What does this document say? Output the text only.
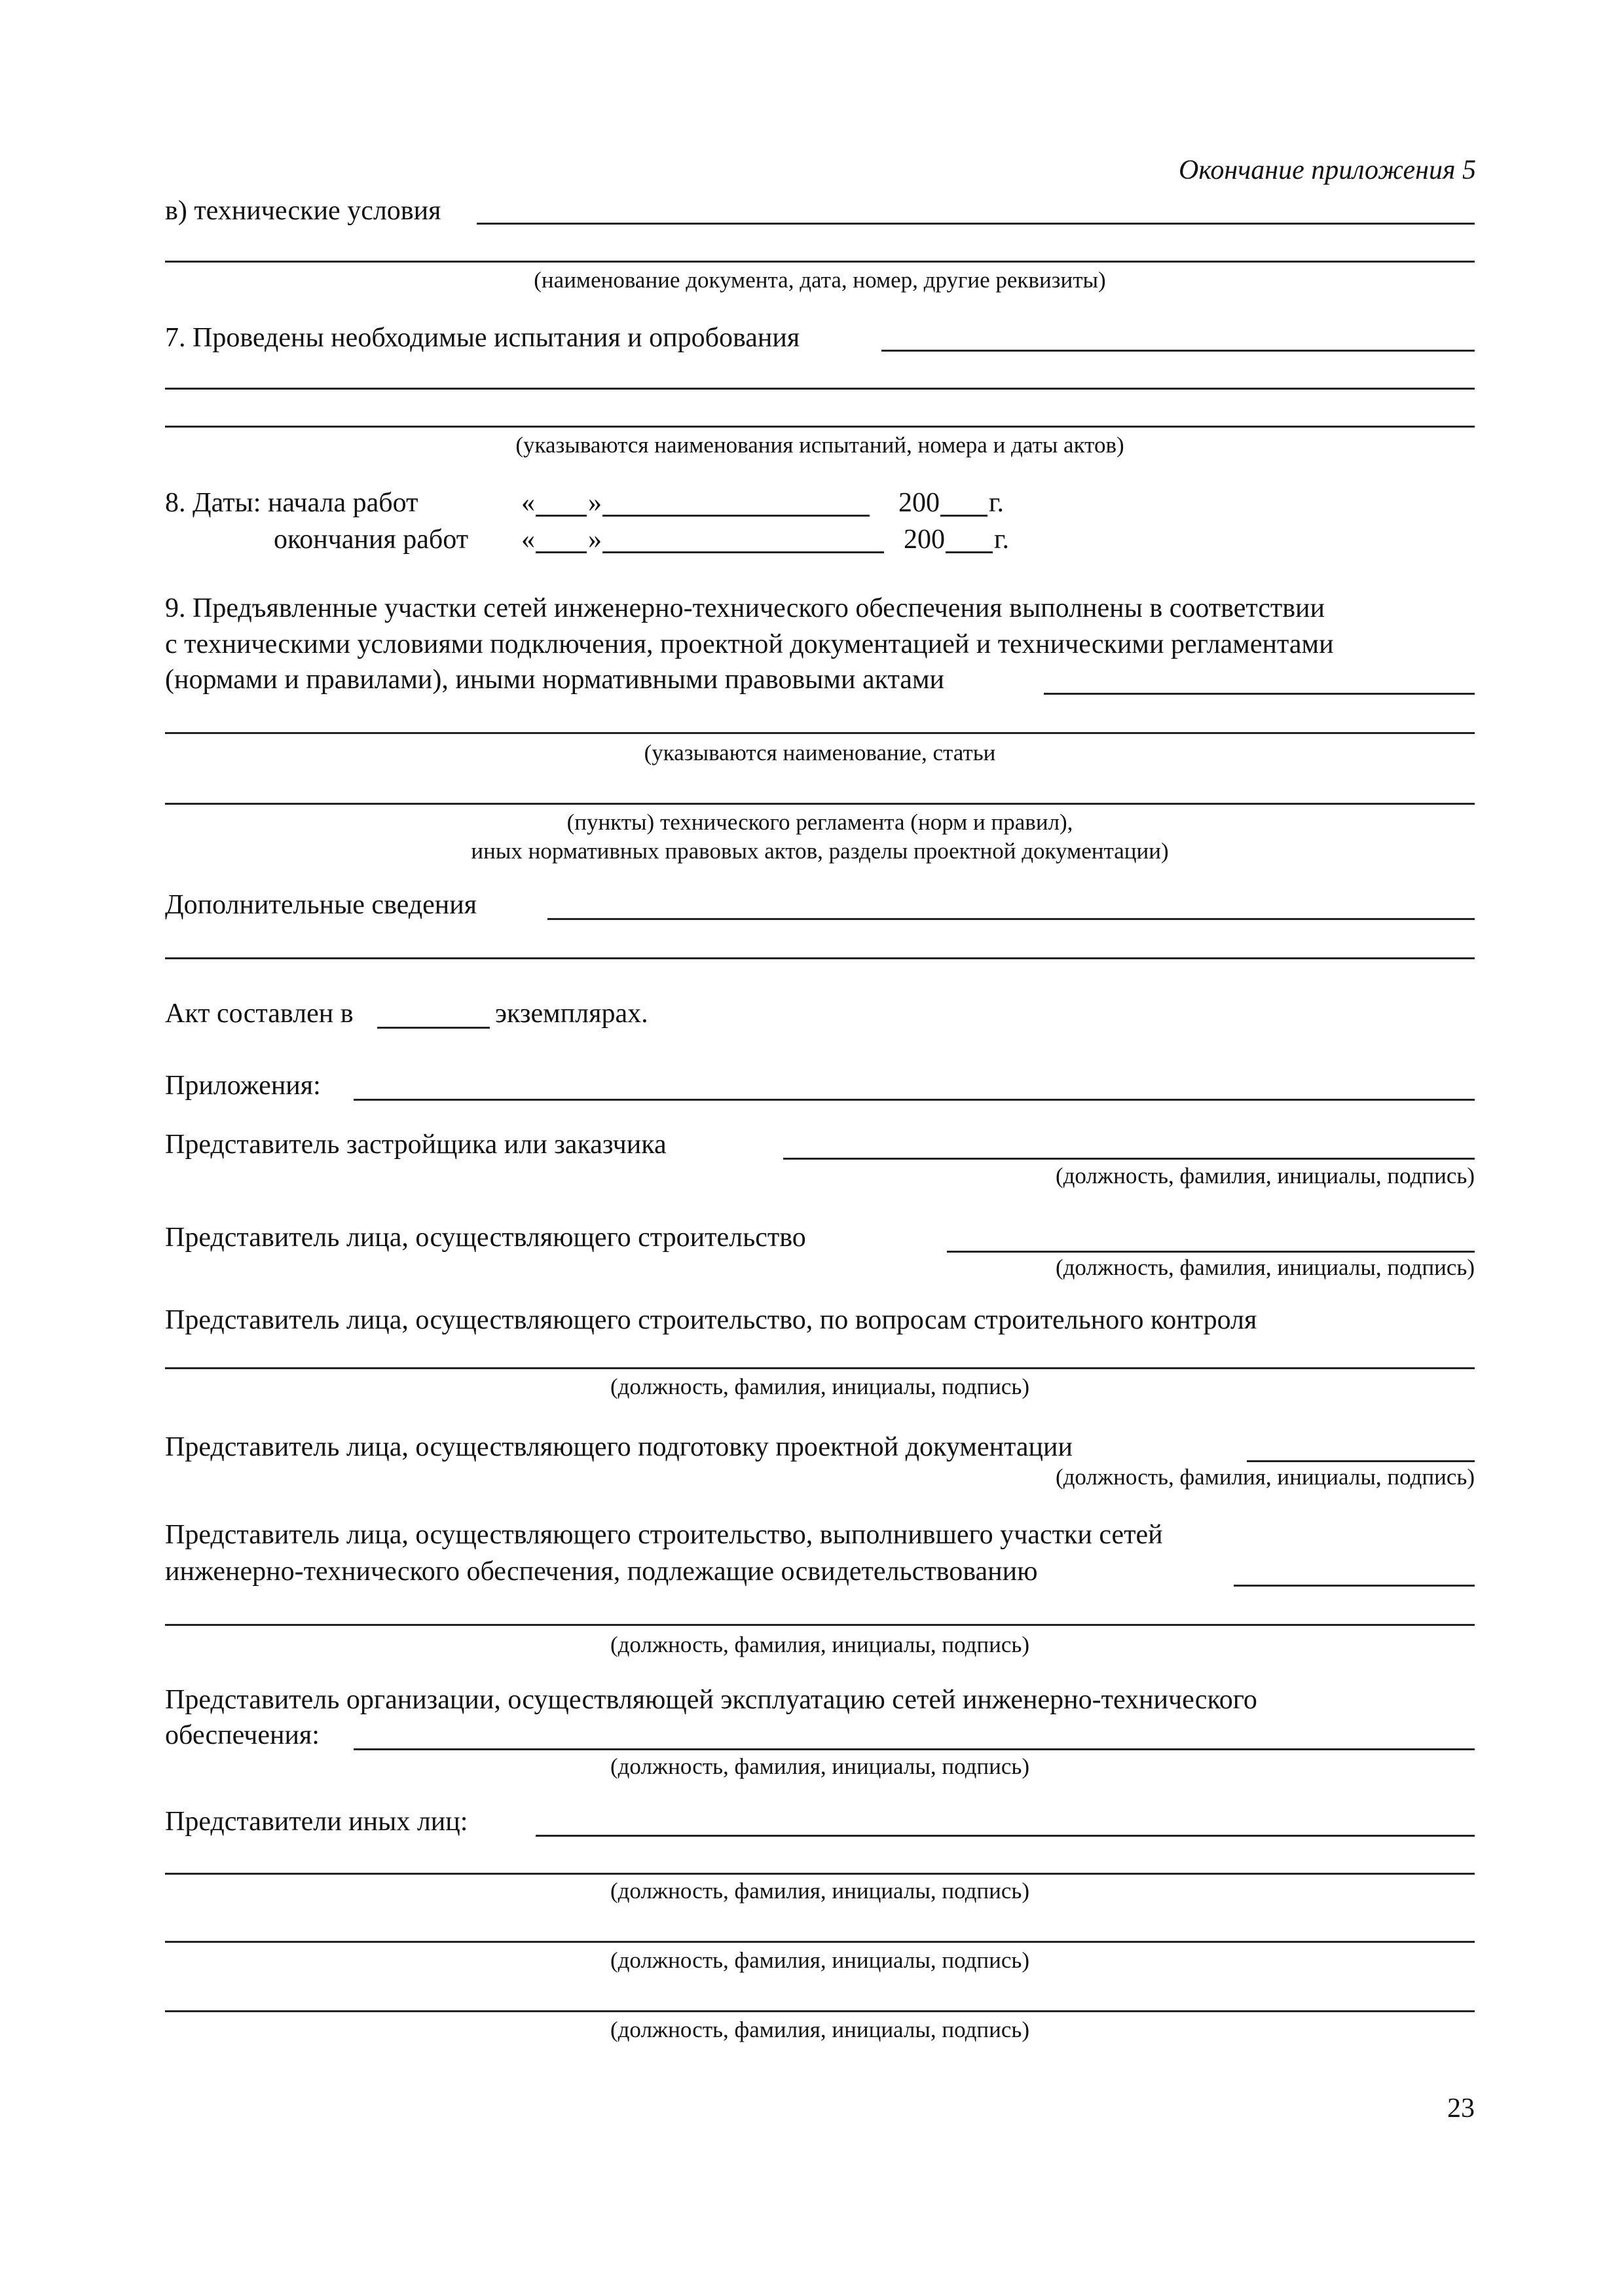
Окончание приложения 5
в) технические условия
(наименование документа, дата, номер, другие реквизиты)
7. Проведены необходимые испытания и опробования
(указываются наименования испытаний, номера и даты актов)
8. Даты: начала работ	« »	200 г.
окончания работ « »	200 г.
9. Предъявленные участки сетей инженерно-технического обеспечения выполнены в соответствии
с техническими условиями подключения, проектной документацией и техническими регламентами
(нормами и правилами), иными нормативными правовыми актами
(указываются наименование, статьи
(пункты) технического регламента (норм и правил),
иных нормативных правовых актов, разделы проектной документации)
Дополнительные сведения
Акт составлен в	экземплярах.
Приложения:
Представитель застройщика или заказчика
(должность, фамилия, инициалы, подпись)
Представитель лица, осуществляющего строительство
(должность, фамилия, инициалы, подпись)
Представитель лица, осуществляющего строительство, по вопросам строительного контроля
(должность, фамилия, инициалы, подпись)
Представитель лица, осуществляющего подготовку проектной документации
(должность, фамилия, инициалы, подпись)
Представитель лица, осуществляющего строительство, выполнившего участки сетей
инженерно-технического обеспечения, подлежащие освидетельствованию
(должность, фамилия, инициалы, подпись)
Представитель организации, осуществляющей эксплуатацию сетей инженерно-технического
обеспечения:
(должность, фамилия, инициалы, подпись)
Представители иных лиц:
(должность, фамилия, инициалы, подпись)
(должность, фамилия, инициалы, подпись)
(должность, фамилия, инициалы, подпись)
23
